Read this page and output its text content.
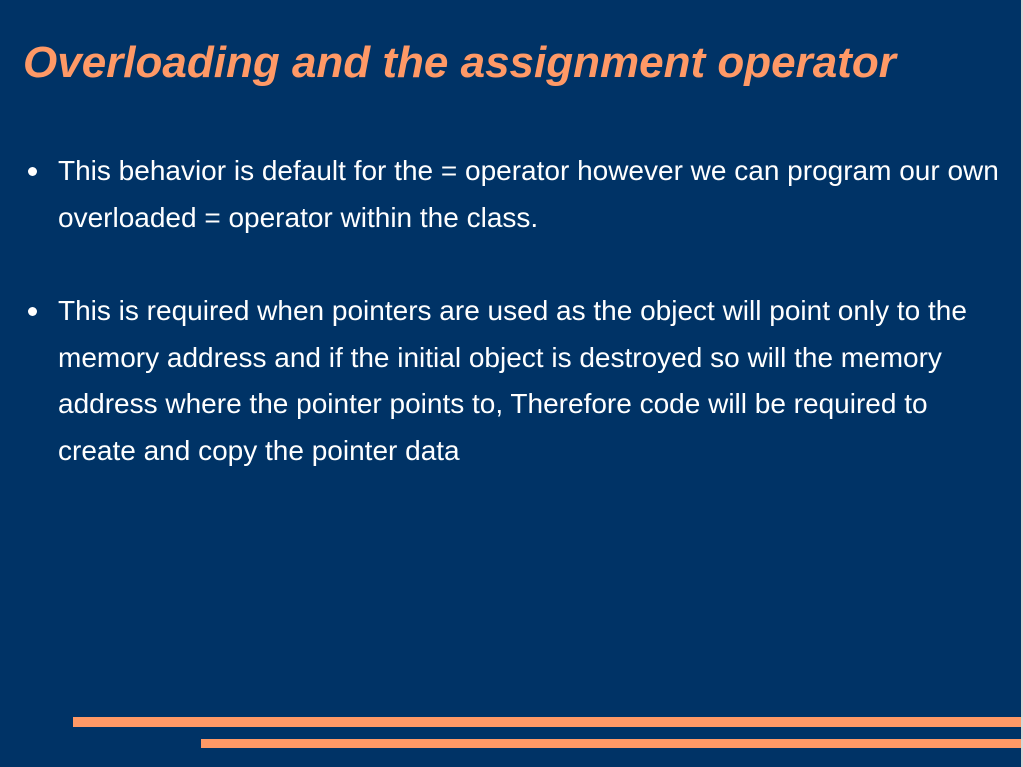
Overloading and the assignment operator
This behavior is default for the = operator however we can program our own overloaded = operator within the class.
This is required when pointers are used as the object will point only to the memory address and if the initial object is destroyed so will the memory address where the pointer points to, Therefore code will be required to create and copy the pointer data
